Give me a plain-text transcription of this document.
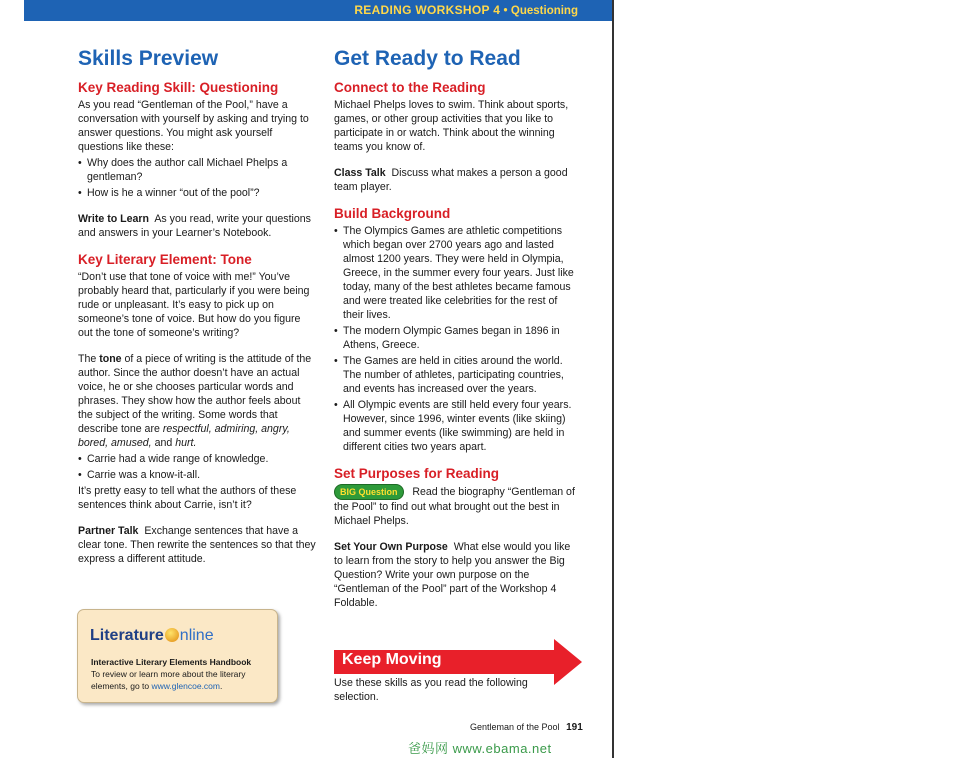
READING WORKSHOP 4 • Questioning
Skills Preview
Key Reading Skill: Questioning

As you read “Gentleman of the Pool,” have a conversation with yourself by asking and trying to answer questions. You might ask yourself questions like these:

• Why does the author call Michael Phelps a gentleman?
• How is he a winner “out of the pool”?

Write to Learn As you read, write your questions and answers in your Learner’s Notebook.

Key Literary Element: Tone

“Don’t use that tone of voice with me!” You’ve probably heard that, particularly if you were being rude or unpleasant. It’s easy to pick up on someone’s tone of voice. But how do you figure out the tone of someone’s writing?

The tone of a piece of writing is the attitude of the author. Since the author doesn’t have an actual voice, he or she chooses particular words and phrases. They show how the author feels about the subject of the writing. Some words that describe tone are respectful, admiring, angry, bored, amused, and hurt.

• Carrie had a wide range of knowledge.
• Carrie was a know-it-all.

It’s pretty easy to tell what the authors of these sentences think about Carrie, isn’t it?

Partner Talk Exchange sentences that have a clear tone. Then rewrite the sentences so that they express a different attitude.

Get Ready to Read
Connect to the Reading

Michael Phelps loves to swim. Think about sports, games, or other group activities that you like to participate in or watch. Think about the winning teams you know of.

Class Talk Discuss what makes a person a good team player.

Build Background
• The Olympics Games are athletic competitions which began over 2700 years ago and lasted almost 1200 years. They were held in Olympia, Greece, in the summer every four years. Just like today, many of the best athletes became famous and were treated like celebrities for the rest of their lives.
• The modern Olympic Games began in 1896 in Athens, Greece.
• The Games are held in cities around the world. The number of athletes, participating countries, and events has increased over the years.
• All Olympic events are still held every four years. However, since 1996, winter events (like skiing) and summer events (like swimming) are held in different cities two years apart.
Set Purposes for Reading

BIG Question Read the biography “Gentleman of the Pool” to find out what brought out the best in Michael Phelps.

Set Your Own Purpose What else would you like to learn from the story to help you answer the Big Question? Write your own purpose on the “Gentleman of the Pool” part of the Workshop 4 Foldable.

Literature nline
Interactive Literary Elements Handbook
To review or learn more about the literary elements, go to www.glencoe.com.
Keep Moving
Use these skills as you read the following selection.
Gentleman of the Pool 191
爸妈网 www.ebama.net
